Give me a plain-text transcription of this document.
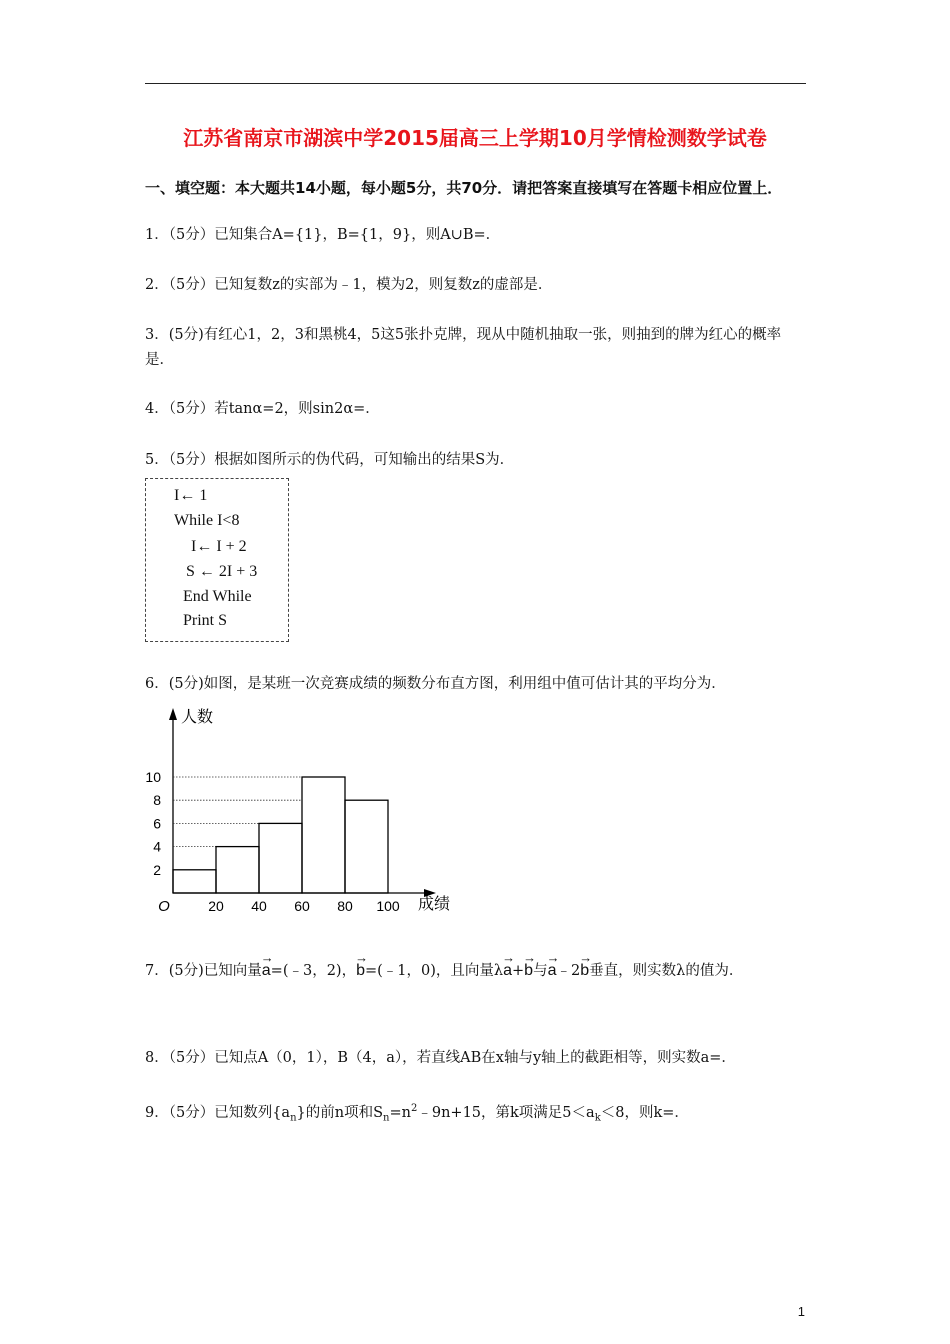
江苏省南京市湖滨中学2015届高三上学期10月学情检测数学试卷
一、填空题：本大题共14小题，每小题5分，共70分．请把答案直接填写在答题卡相应位置上．
1．（5分）已知集合A={1}，B={1，9}，则A∪B=．
2．（5分）已知复数z的实部为﹣1，模为2，则复数z的虚部是．
3．(5分)有红心1，2，3和黑桃4，5这5张扑克牌，现从中随机抽取一张，则抽到的牌为红心的概率是．
4．（5分）若tanα=2，则sin2α=．
5．（5分）根据如图所示的伪代码，可知输出的结果S为．
I← 1
While I<8
I← I + 2
S ← 2I + 3
End While
Print S
6．(5分)如图，是某班一次竞赛成绩的频数分布直方图，利用组中值可估计其的平均分为．
2
4
6
8
10
20 40 60 80 100
O
人数
成绩
7．(5分)已知向量→ a=(﹣3，2)，→ b=(﹣1，0)，且向量λ→ a+→ b与→ a﹣2→ b垂直，则实数λ的值为．
8．（5分）已知点A（0，1），B（4，a），若直线AB在x轴与y轴上的截距相等，则实数a=．
9．（5分）已知数列$\{a_n\}$的前n项和$S_n=n^2﹣9n+15$，第k项满足$5<a_k<8$，则k=．
1
